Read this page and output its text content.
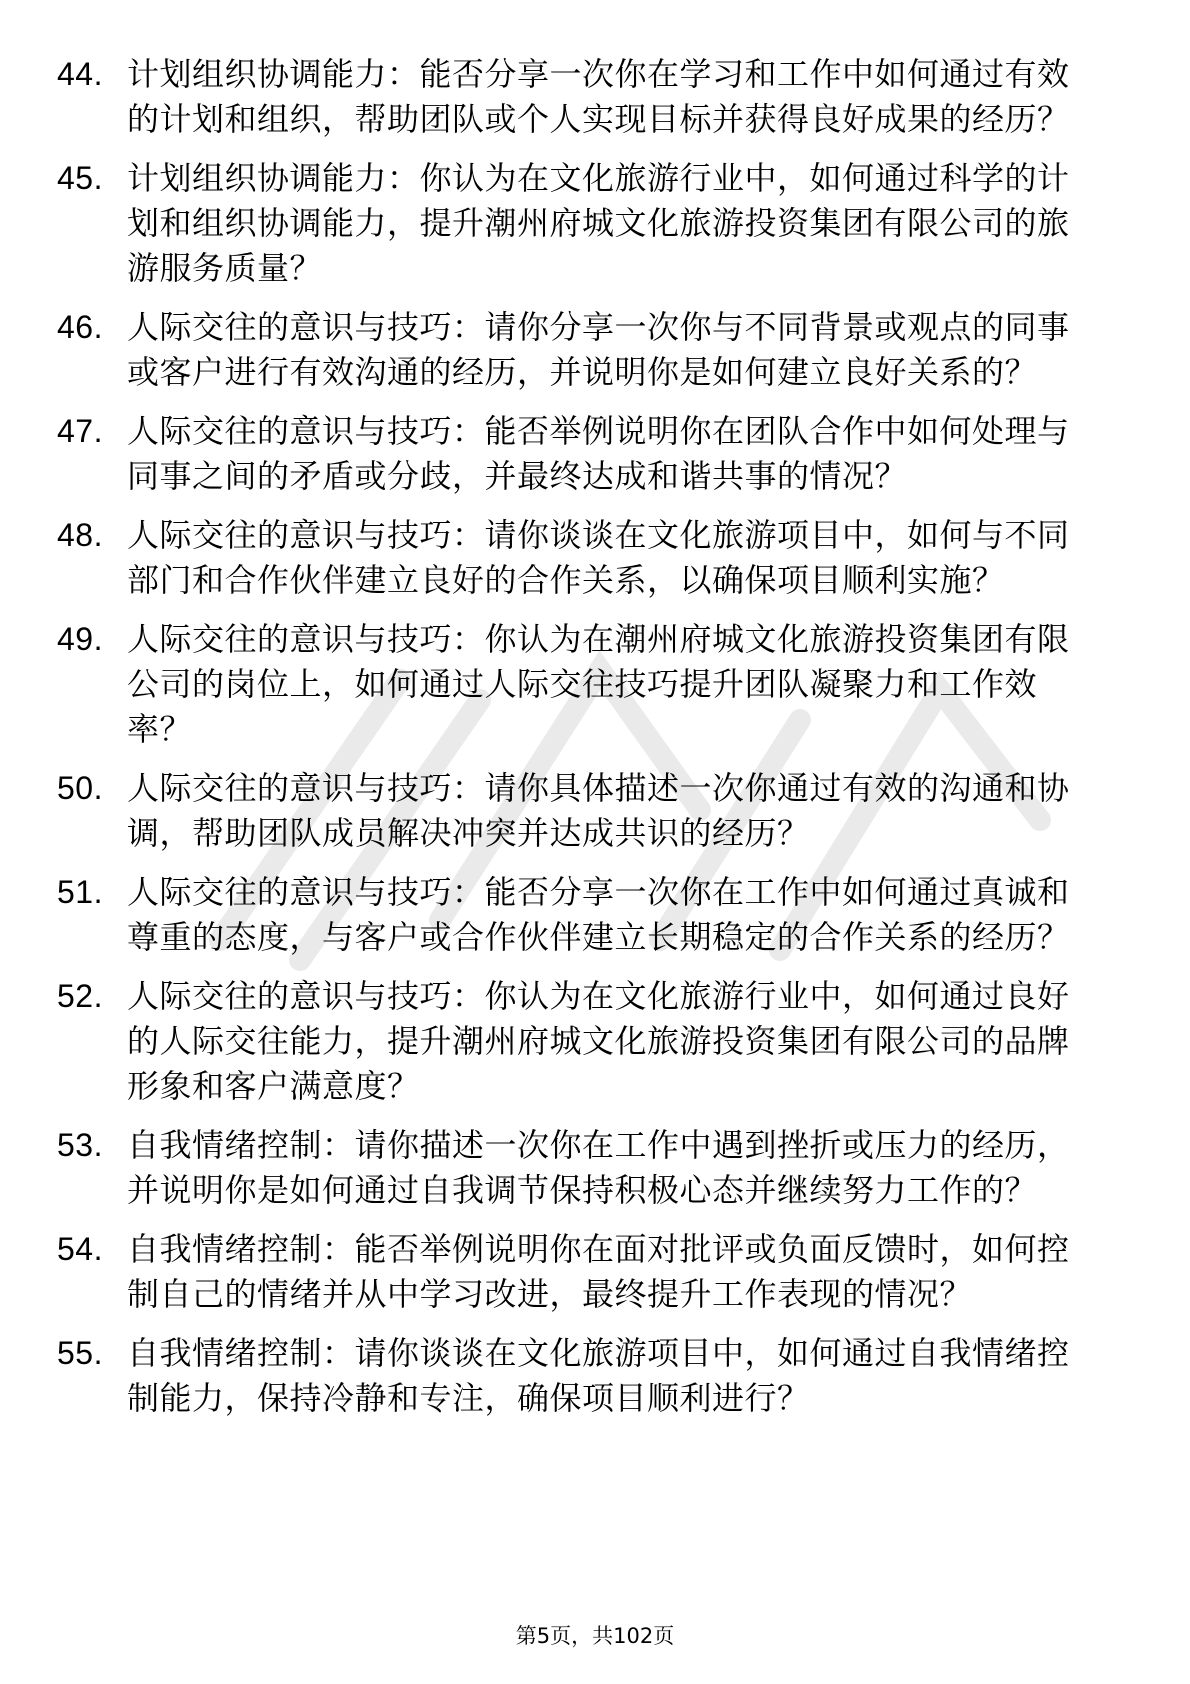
44. 计划组织协调能力：能否分享一次你在学习和工作中如何通过有效的计划和组织，帮助团队或个人实现目标并获得良好成果的经历？
45. 计划组织协调能力：你认为在文化旅游行业中，如何通过科学的计划和组织协调能力，提升潮州府城文化旅游投资集团有限公司的旅游服务质量？
46. 人际交往的意识与技巧：请你分享一次你与不同背景或观点的同事或客户进行有效沟通的经历，并说明你是如何建立良好关系的？
47. 人际交往的意识与技巧：能否举例说明你在团队合作中如何处理与同事之间的矛盾或分歧，并最终达成和谐共事的情况？
48. 人际交往的意识与技巧：请你谈谈在文化旅游项目中，如何与不同部门和合作伙伴建立良好的合作关系，以确保项目顺利实施？
49. 人际交往的意识与技巧：你认为在潮州府城文化旅游投资集团有限公司的岗位上，如何通过人际交往技巧提升团队凝聚力和工作效率？
50. 人际交往的意识与技巧：请你具体描述一次你通过有效的沟通和协调，帮助团队成员解决冲突并达成共识的经历？
51. 人际交往的意识与技巧：能否分享一次你在工作中如何通过真诚和尊重的态度，与客户或合作伙伴建立长期稳定的合作关系的经历？
52. 人际交往的意识与技巧：你认为在文化旅游行业中，如何通过良好的人际交往能力，提升潮州府城文化旅游投资集团有限公司的品牌形象和客户满意度？
53. 自我情绪控制：请你描述一次你在工作中遇到挫折或压力的经历，并说明你是如何通过自我调节保持积极心态并继续努力工作的？
54. 自我情绪控制：能否举例说明你在面对批评或负面反馈时，如何控制自己的情绪并从中学习改进，最终提升工作表现的情况？
55. 自我情绪控制：请你谈谈在文化旅游项目中，如何通过自我情绪控制能力，保持冷静和专注，确保项目顺利进行？
第5页，共102页
